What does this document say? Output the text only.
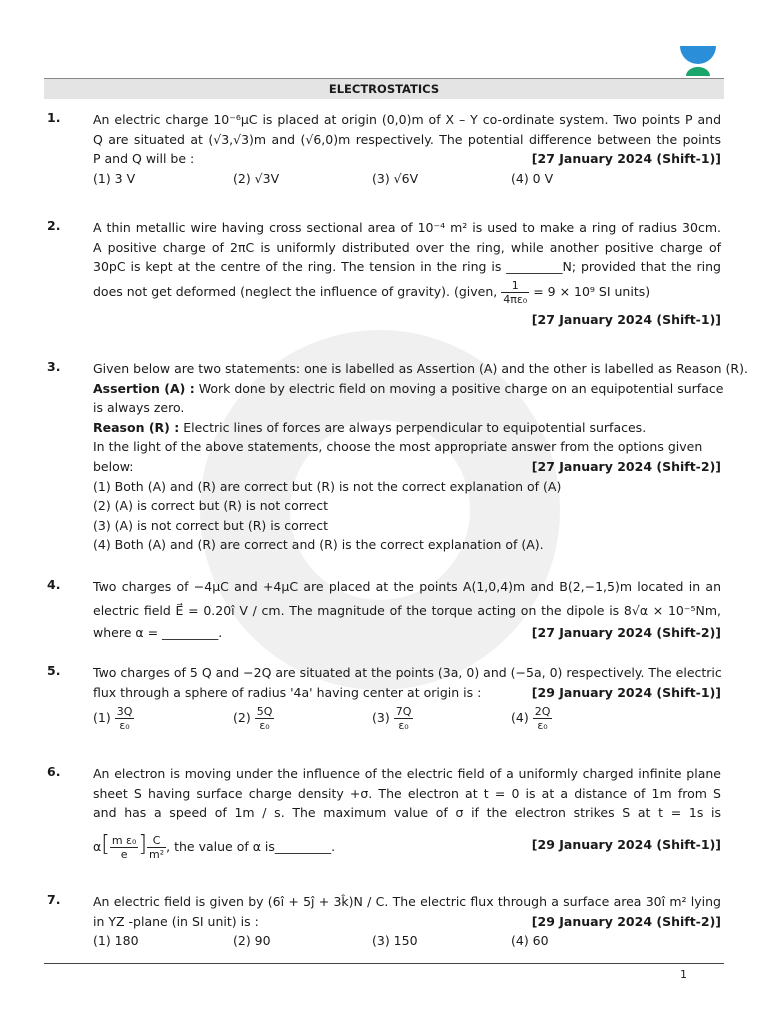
ELECTROSTATICS
1.	An electric charge 10⁻⁶μC is placed at origin (0,0)m of X – Y co-ordinate system. Two points P and
Q are situated at (√3,√3)m and (√6,0)m respectively. The potential difference between the points
P and Q will be :	[27 January 2024 (Shift-1)]
(1) 3 V	(2) √3V	(3) √6V	(4) 0 V
2.	A thin metallic wire having cross sectional area of 10⁻⁴ m² is used to make a ring of radius 30cm.
A positive charge of 2πC is uniformly distributed over the ring, while another positive charge of
30pC is kept at the centre of the ring. The tension in the ring is _________N; provided that the ring
does not get deformed (neglect the influence of gravity). (given, $\frac{1}{\text{4πε₀}} = 9 \times 10^9$ SI units)
[27 January 2024 (Shift-1)]
3.	Given below are two statements: one is labelled as Assertion (A) and the other is labelled as Reason (R).
Assertion (A) : Work done by electric field on moving a positive charge on an equipotential surface
is always zero.
Reason (R) : Electric lines of forces are always perpendicular to equipotential surfaces.
In the light of the above statements, choose the most appropriate answer from the options given
below:	[27 January 2024 (Shift-2)]
(1) Both (A) and (R) are correct but (R) is not the correct explanation of (A)
(2) (A) is correct but (R) is not correct
(3) (A) is not correct but (R) is correct
(4) Both (A) and (R) are correct and (R) is the correct explanation of (A).
4.	Two charges of −4μC and +4μC are placed at the points A(1,0,4)m and B(2,−1,5)m located in an
electric field E⃗ = 0.20î V / cm. The magnitude of the torque acting on the dipole is 8√α × 10⁻⁵Nm,
where α = _________.	[27 January 2024 (Shift-2)]
5.	Two charges of 5 Q and −2Q are situated at the points (3a, 0) and (−5a, 0) respectively. The electric
flux through a sphere of radius '4a' having center at origin is :	[29 January 2024 (Shift-1)]
$(1) \frac{3Q}{\text{ε₀}}$	$(2) \frac{5Q}{\text{ε₀}}$	$(3) \frac{7Q}{\text{ε₀}}$	$(4) \frac{2Q}{\text{ε₀}}$
6.	An electron is moving under the influence of the electric field of a uniformly charged infinite plane
sheet S having surface charge density +σ. The electron at t = 0 is at a distance of 1m from S
and has a speed of 1m / s. The maximum value of σ if the electron strikes S at t = 1s is
$\alpha[ \frac{\text{m ε₀}}{e}$ ] $\frac{C}{\text{m²}}$ , the value of α is_________.	[29 January 2024 (Shift-1)]
7.	An electric field is given by (6î + 5ĵ + 3k̂)N / C. The electric flux through a surface area 30î m² lying
in YZ -plane (in SI unit) is :	[29 January 2024 (Shift-2)]
(1) 180	(2) 90	(3) 150	(4) 60
1
